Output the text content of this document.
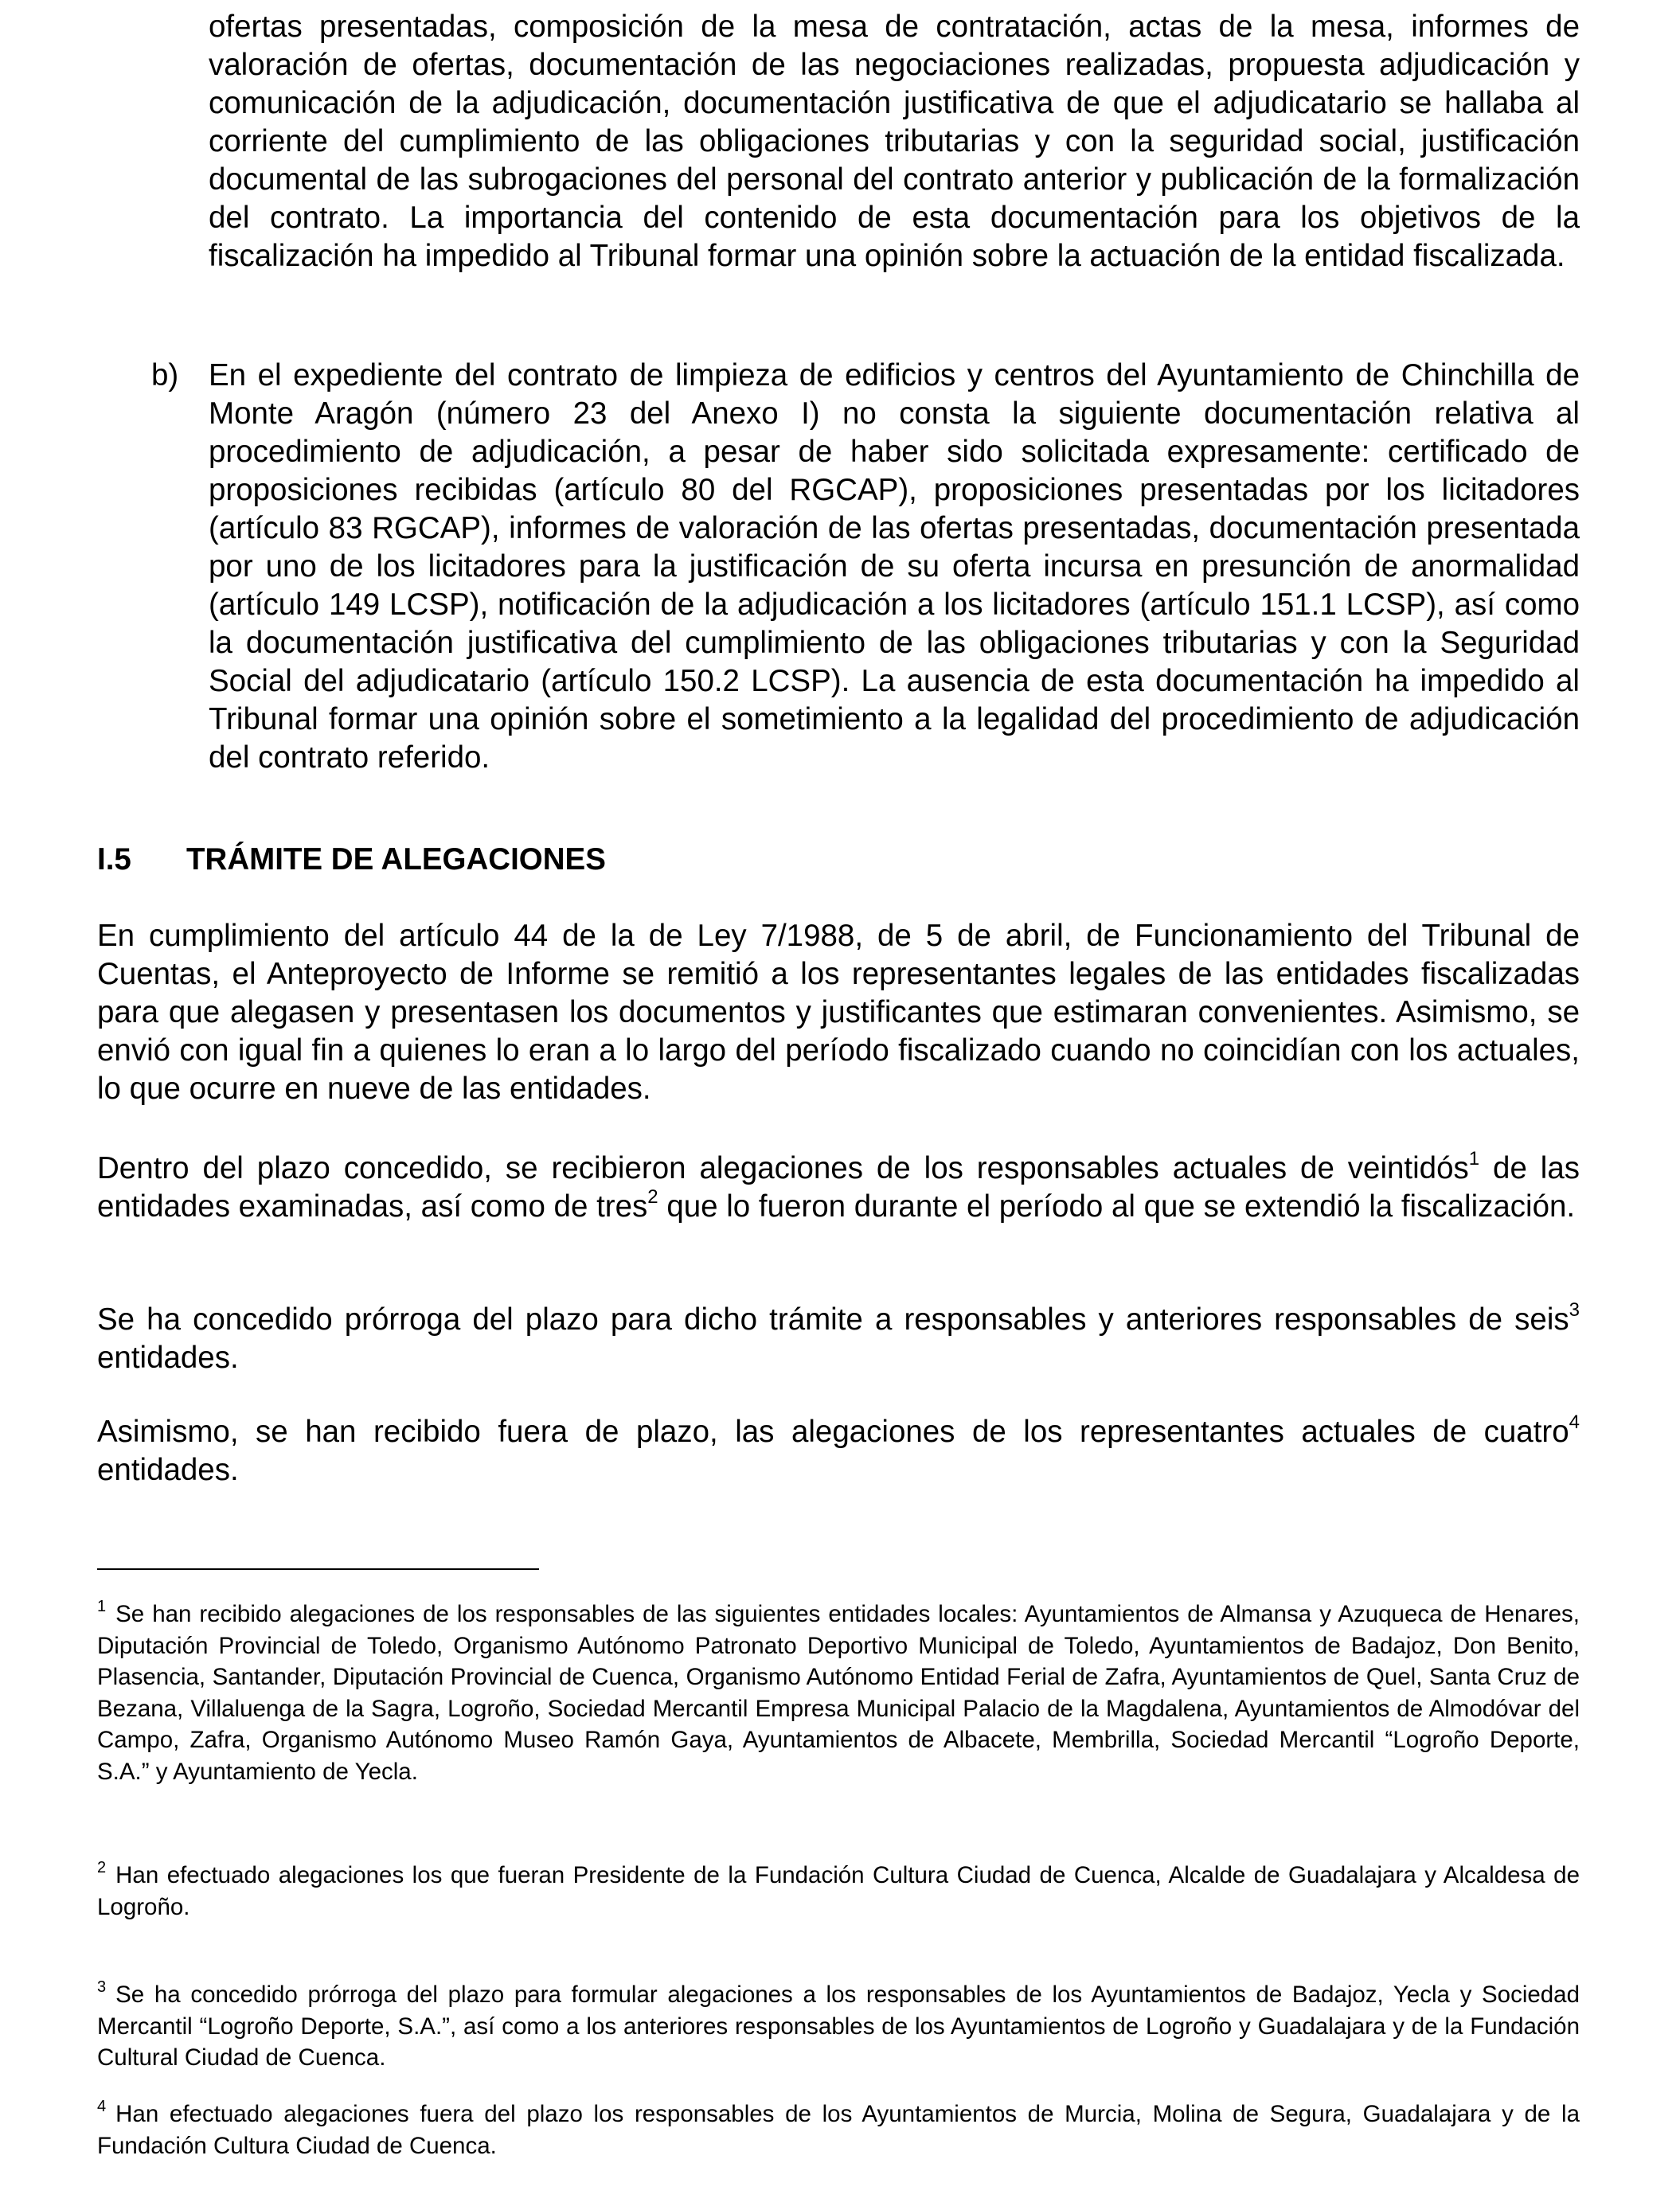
ofertas presentadas, composición de la mesa de contratación, actas de la mesa, informes de valoración de ofertas, documentación de las negociaciones realizadas, propuesta adjudicación y comunicación de la adjudicación, documentación justificativa de que el adjudicatario se hallaba al corriente del cumplimiento de las obligaciones tributarias y con la seguridad social, justificación documental de las subrogaciones del personal del contrato anterior y publicación de la formalización del contrato. La importancia del contenido de esta documentación para los objetivos de la fiscalización ha impedido al Tribunal formar una opinión sobre la actuación de la entidad fiscalizada.

b) En el expediente del contrato de limpieza de edificios y centros del Ayuntamiento de Chinchilla de Monte Aragón (número 23 del Anexo I) no consta la siguiente documentación relativa al procedimiento de adjudicación, a pesar de haber sido solicitada expresamente: certificado de proposiciones recibidas (artículo 80 del RGCAP), proposiciones presentadas por los licitadores (artículo 83 RGCAP), informes de valoración de las ofertas presentadas, documentación presentada por uno de los licitadores para la justificación de su oferta incursa en presunción de anormalidad (artículo 149 LCSP), notificación de la adjudicación a los licitadores (artículo 151.1 LCSP), así como la documentación justificativa del cumplimiento de las obligaciones tributarias y con la Seguridad Social del adjudicatario (artículo 150.2 LCSP). La ausencia de esta documentación ha impedido al Tribunal formar una opinión sobre el sometimiento a la legalidad del procedimiento de adjudicación del contrato referido.

I.5 TRÁMITE DE ALEGACIONES

En cumplimiento del artículo 44 de la de Ley 7/1988, de 5 de abril, de Funcionamiento del Tribunal de Cuentas, el Anteproyecto de Informe se remitió a los representantes legales de las entidades fiscalizadas para que alegasen y presentasen los documentos y justificantes que estimaran convenientes. Asimismo, se envió con igual fin a quienes lo eran a lo largo del período fiscalizado cuando no coincidían con los actuales, lo que ocurre en nueve de las entidades.

Dentro del plazo concedido, se recibieron alegaciones de los responsables actuales de veintidós$^1$ de las entidades examinadas, así como de tres$^2$ que lo fueron durante el período al que se extendió la fiscalización.

Se ha concedido prórroga del plazo para dicho trámite a responsables y anteriores responsables de seis$^3$ entidades.

Asimismo, se han recibido fuera de plazo, las alegaciones de los representantes actuales de cuatro$^4$ entidades.

$^1$ Se han recibido alegaciones de los responsables de las siguientes entidades locales: Ayuntamientos de Almansa y Azuqueca de Henares, Diputación Provincial de Toledo, Organismo Autónomo Patronato Deportivo Municipal de Toledo, Ayuntamientos de Badajoz, Don Benito, Plasencia, Santander, Diputación Provincial de Cuenca, Organismo Autónomo Entidad Ferial de Zafra, Ayuntamientos de Quel, Santa Cruz de Bezana, Villaluenga de la Sagra, Logroño, Sociedad Mercantil Empresa Municipal Palacio de la Magdalena, Ayuntamientos de Almodóvar del Campo, Zafra, Organismo Autónomo Museo Ramón Gaya, Ayuntamientos de Albacete, Membrilla, Sociedad Mercantil “Logroño Deporte, S.A.” y Ayuntamiento de Yecla.

$^2$ Han efectuado alegaciones los que fueran Presidente de la Fundación Cultura Ciudad de Cuenca, Alcalde de Guadalajara y Alcaldesa de Logroño.

$^3$ Se ha concedido prórroga del plazo para formular alegaciones a los responsables de los Ayuntamientos de Badajoz, Yecla y Sociedad Mercantil “Logroño Deporte, S.A.”, así como a los anteriores responsables de los Ayuntamientos de Logroño y Guadalajara y de la Fundación Cultural Ciudad de Cuenca.

$^4$ Han efectuado alegaciones fuera del plazo los responsables de los Ayuntamientos de Murcia, Molina de Segura, Guadalajara y de la Fundación Cultura Ciudad de Cuenca.
